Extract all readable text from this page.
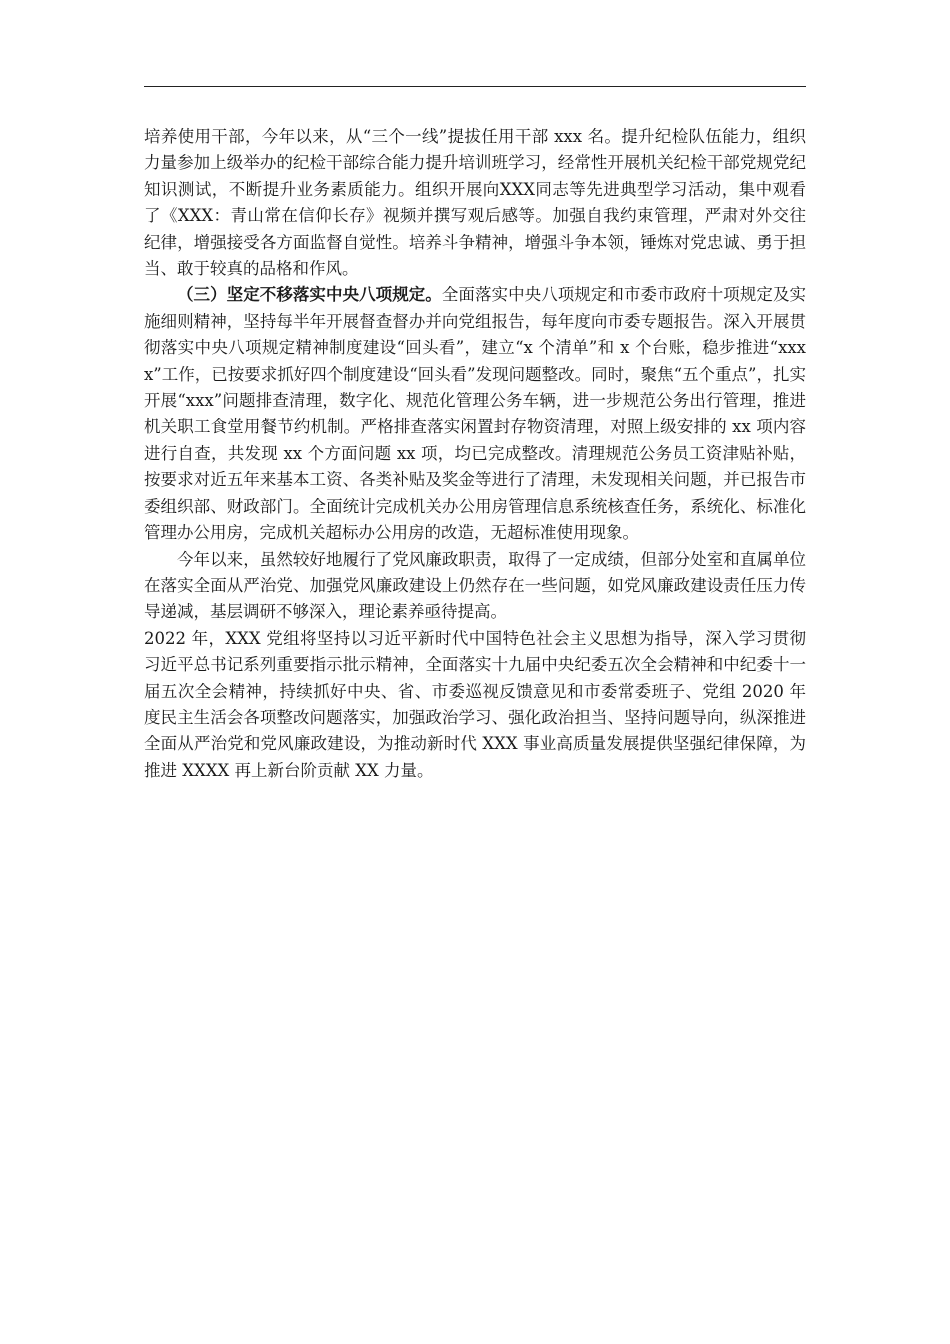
培养使用干部，今年以来，从“三个一线”提拔任用干部 xxx 名。提升纪检队伍能力，组织力量参加上级举办的纪检干部综合能力提升培训班学习，经常性开展机关纪检干部党规党纪知识测试，不断提升业务素质能力。组织开展向XXX同志等先进典型学习活动，集中观看了《XXX：青山常在信仰长存》视频并撰写观后感等。加强自我约束管理，严肃对外交往纪律，增强接受各方面监督自觉性。培养斗争精神，增强斗争本领，锤炼对党忠诚、勇于担当、敢于较真的品格和作风。

（三）坚定不移落实中央八项规定。全面落实中央八项规定和市委市政府十项规定及实施细则精神，坚持每半年开展督查督办并向党组报告，每年度向市委专题报告。深入开展贯彻落实中央八项规定精神制度建设“回头看”，建立“x 个清单”和 x 个台账，稳步推进“xxxx”工作，已按要求抓好四个制度建设“回头看”发现问题整改。同时，聚焦“五个重点”，扎实开展“xxx”问题排查清理，数字化、规范化管理公务车辆，进一步规范公务出行管理，推进机关职工食堂用餐节约机制。严格排查落实闲置封存物资清理，对照上级安排的 xx 项内容进行自查，共发现 xx 个方面问题 xx 项，均已完成整改。清理规范公务员工资津贴补贴，按要求对近五年来基本工资、各类补贴及奖金等进行了清理，未发现相关问题，并已报告市委组织部、财政部门。全面统计完成机关办公用房管理信息系统核查任务，系统化、标准化管理办公用房，完成机关超标办公用房的改造，无超标准使用现象。

今年以来，虽然较好地履行了党风廉政职责，取得了一定成绩，但部分处室和直属单位在落实全面从严治党、加强党风廉政建设上仍然存在一些问题，如党风廉政建设责任压力传导递减，基层调研不够深入，理论素养亟待提高。

2022 年，XXX 党组将坚持以习近平新时代中国特色社会主义思想为指导，深入学习贯彻习近平总书记系列重要指示批示精神，全面落实十九届中央纪委五次全会精神和中纪委十一届五次全会精神，持续抓好中央、省、市委巡视反馈意见和市委常委班子、党组 2020 年度民主生活会各项整改问题落实，加强政治学习、强化政治担当、坚持问题导向，纵深推进全面从严治党和党风廉政建设，为推动新时代 XXX 事业高质量发展提供坚强纪律保障，为推进 XXXX 再上新台阶贡献 XX 力量。
